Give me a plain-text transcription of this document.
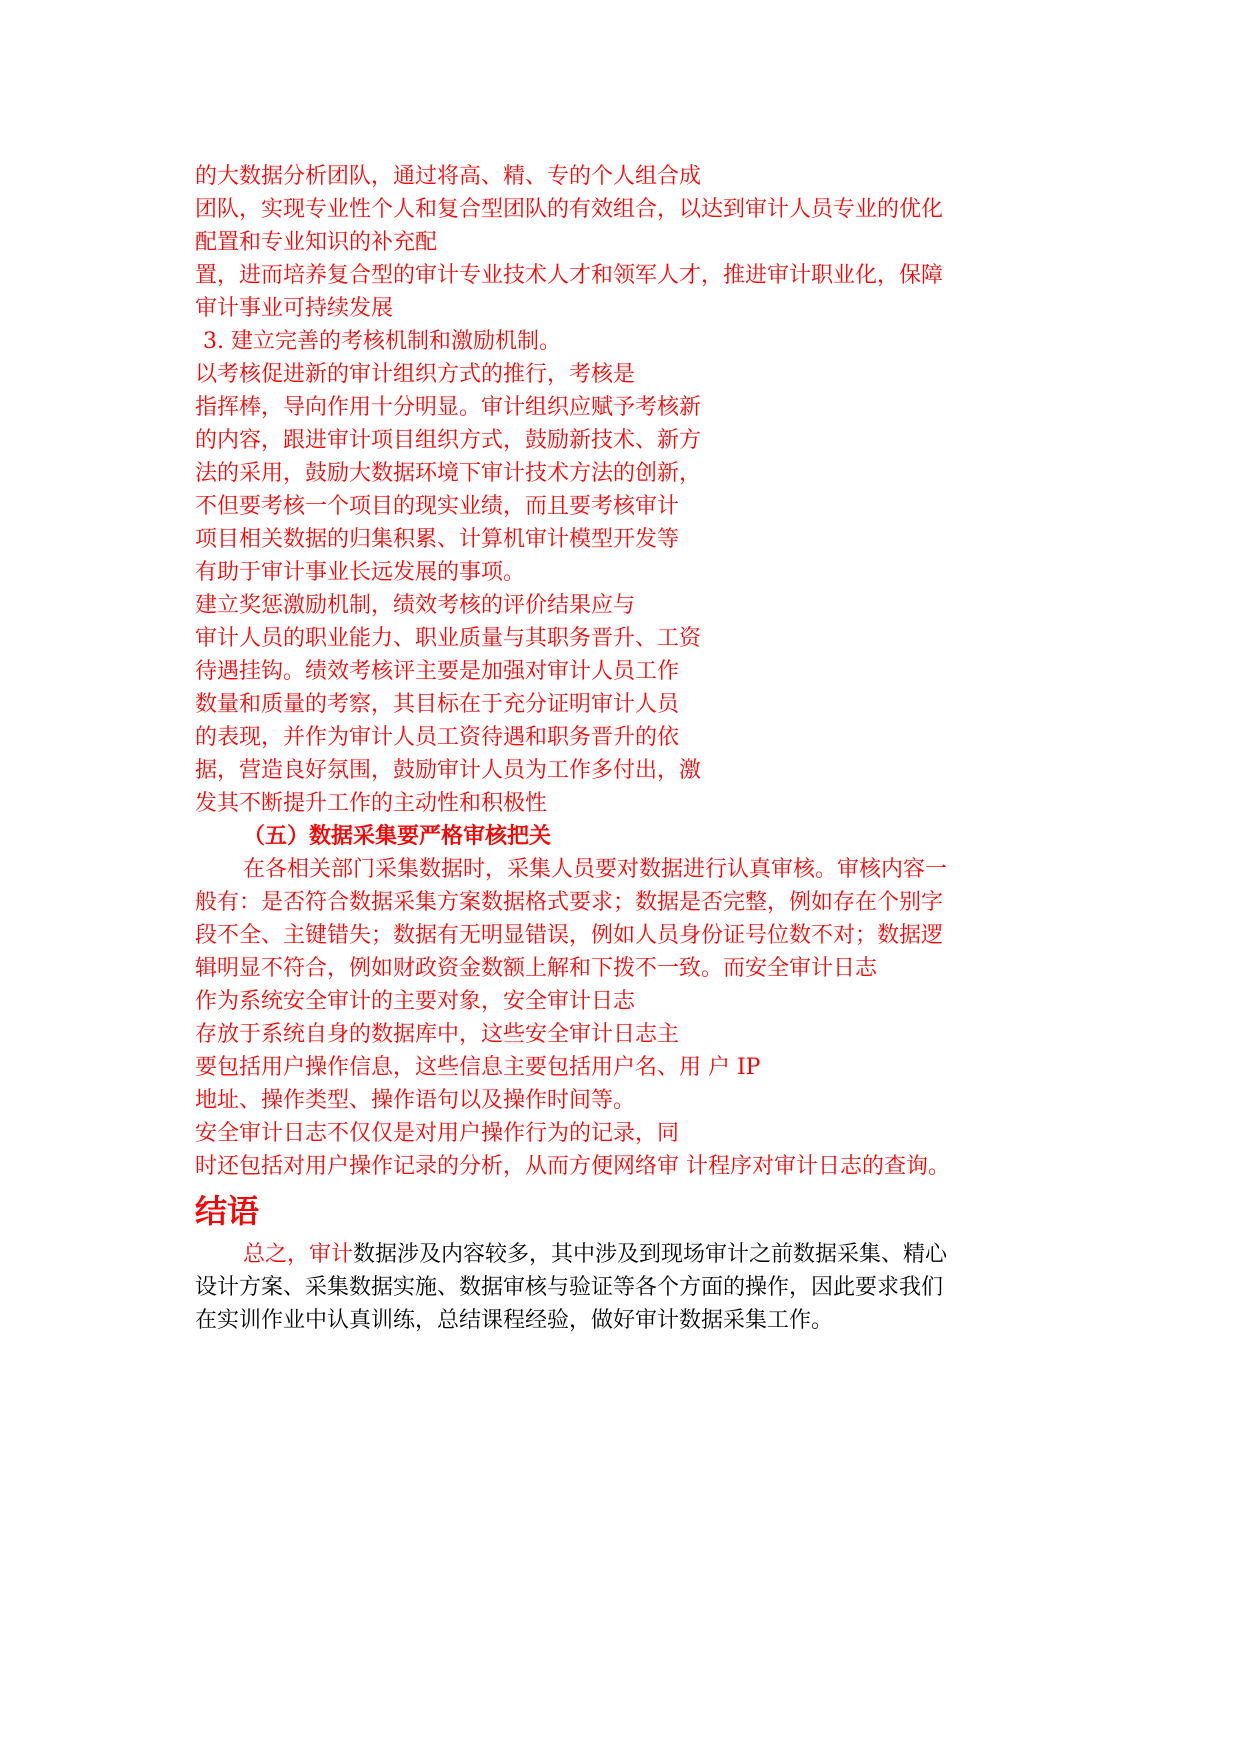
的大数据分析团队，通过将高、精、专的个人组合成
团队，实现专业性个人和复合型团队的有效组合，以达到审计人员专业的优化
配置和专业知识的补充配
置，进而培养复合型的审计专业技术人才和领军人才，推进审计职业化，保障
审计事业可持续发展
3. 建立完善的考核机制和激励机制。
以考核促进新的审计组织方式的推行，考核是
指挥棒，导向作用十分明显。审计组织应赋予考核新
的内容，跟进审计项目组织方式，鼓励新技术、新方
法的采用，鼓励大数据环境下审计技术方法的创新，
不但要考核一个项目的现实业绩，而且要考核审计
项目相关数据的归集积累、计算机审计模型开发等
有助于审计事业长远发展的事项。
建立奖惩激励机制，绩效考核的评价结果应与
审计人员的职业能力、职业质量与其职务晋升、工资
待遇挂钩。绩效考核评主要是加强对审计人员工作
数量和质量的考察，其目标在于充分证明审计人员
的表现，并作为审计人员工资待遇和职务晋升的依
据，营造良好氛围，鼓励审计人员为工作多付出，激
发其不断提升工作的主动性和积极性
（五）数据采集要严格审核把关
在各相关部门采集数据时，采集人员要对数据进行认真审核。审核内容一
般有：是否符合数据采集方案数据格式要求；数据是否完整，例如存在个别字
段不全、主键错失；数据有无明显错误，例如人员身份证号位数不对；数据逻
辑明显不符合，例如财政资金数额上解和下拨不一致。而安全审计日志
作为系统安全审计的主要对象，安全审计日志
存放于系统自身的数据库中，这些安全审计日志主
要包括用户操作信息，这些信息主要包括用户名、用 户 IP
地址、操作类型、操作语句以及操作时间等。
安全审计日志不仅仅是对用户操作行为的记录，同
时还包括对用户操作记录的分析，从而方便网络审 计程序对审计日志的查询。
结语
总之，审计数据涉及内容较多，其中涉及到现场审计之前数据采集、精心
设计方案、采集数据实施、数据审核与验证等各个方面的操作，因此要求我们
在实训作业中认真训练，总结课程经验，做好审计数据采集工作。
